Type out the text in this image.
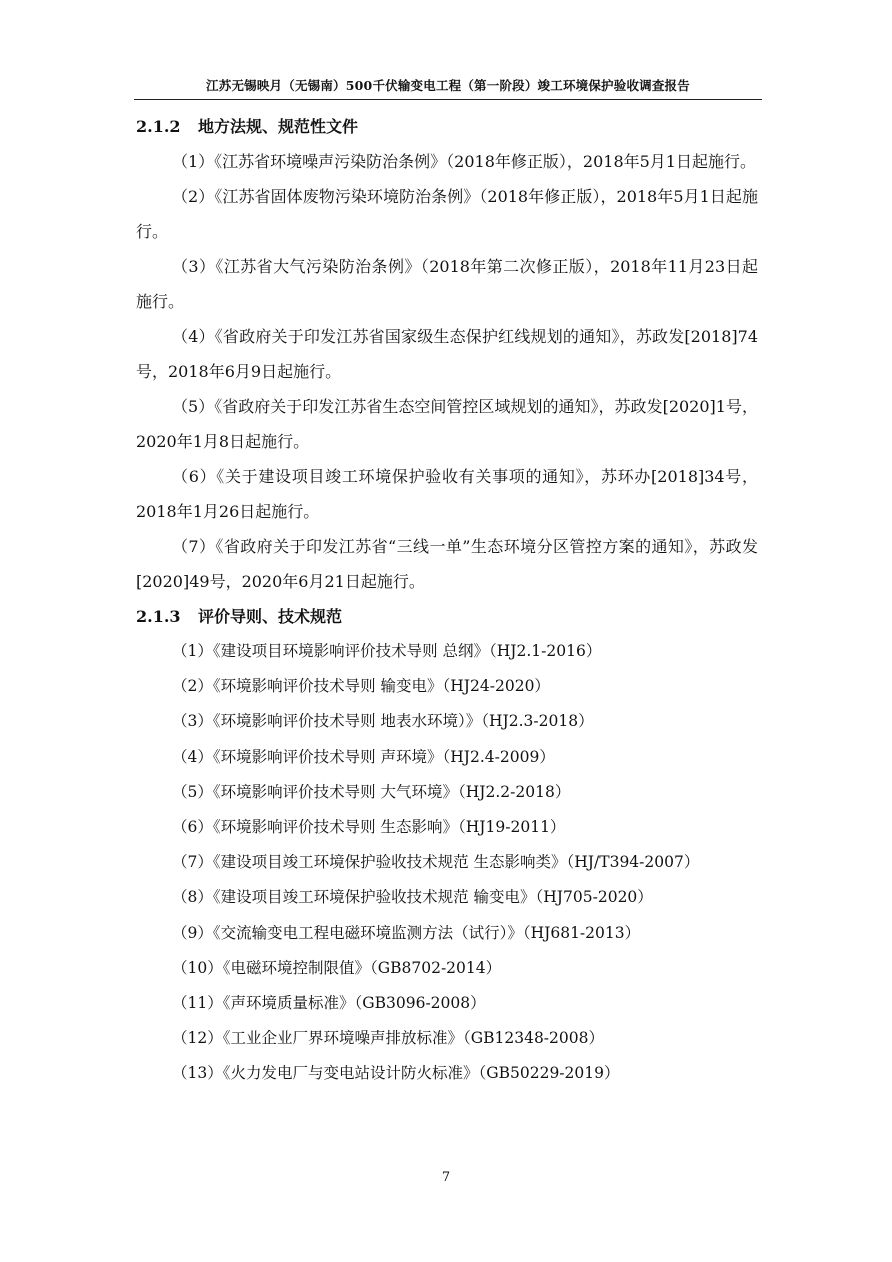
江苏无锡映月（无锡南）500千伏输变电工程（第一阶段）竣工环境保护验收调查报告
2.1.2 地方法规、规范性文件

（1）《江苏省环境噪声污染防治条例》（2018年修正版），2018年5月1日起施行。

（2）《江苏省固体废物污染环境防治条例》（2018年修正版），2018年5月1日起施行。

（3）《江苏省大气污染防治条例》（2018年第二次修正版），2018年11月23日起施行。

（4）《省政府关于印发江苏省国家级生态保护红线规划的通知》，苏政发[2018]74号，2018年6月9日起施行。

（5）《省政府关于印发江苏省生态空间管控区域规划的通知》，苏政发[2020]1号，2020年1月8日起施行。

（6）《关于建设项目竣工环境保护验收有关事项的通知》，苏环办[2018]34号，2018年1月26日起施行。

（7）《省政府关于印发江苏省“三线一单”生态环境分区管控方案的通知》，苏政发[2020]49号，2020年6月21日起施行。

2.1.3 评价导则、技术规范
（1）《建设项目环境影响评价技术导则 总纲》（HJ2.1-2016）
（2）《环境影响评价技术导则 输变电》（HJ24-2020）
（3）《环境影响评价技术导则 地表水环境）》（HJ2.3-2018）
（4）《环境影响评价技术导则 声环境》（HJ2.4-2009）
（5）《环境影响评价技术导则 大气环境》（HJ2.2-2018）
（6）《环境影响评价技术导则 生态影响》（HJ19-2011）
（7）《建设项目竣工环境保护验收技术规范 生态影响类》（HJ/T394-2007）
（8）《建设项目竣工环境保护验收技术规范 输变电》（HJ705-2020）
（9）《交流输变电工程电磁环境监测方法（试行）》（HJ681-2013）
（10）《电磁环境控制限值》（GB8702-2014）
（11）《声环境质量标准》（GB3096-2008）
（12）《工业企业厂界环境噪声排放标准》（GB12348-2008）
（13）《火力发电厂与变电站设计防火标准》（GB50229-2019）
7
